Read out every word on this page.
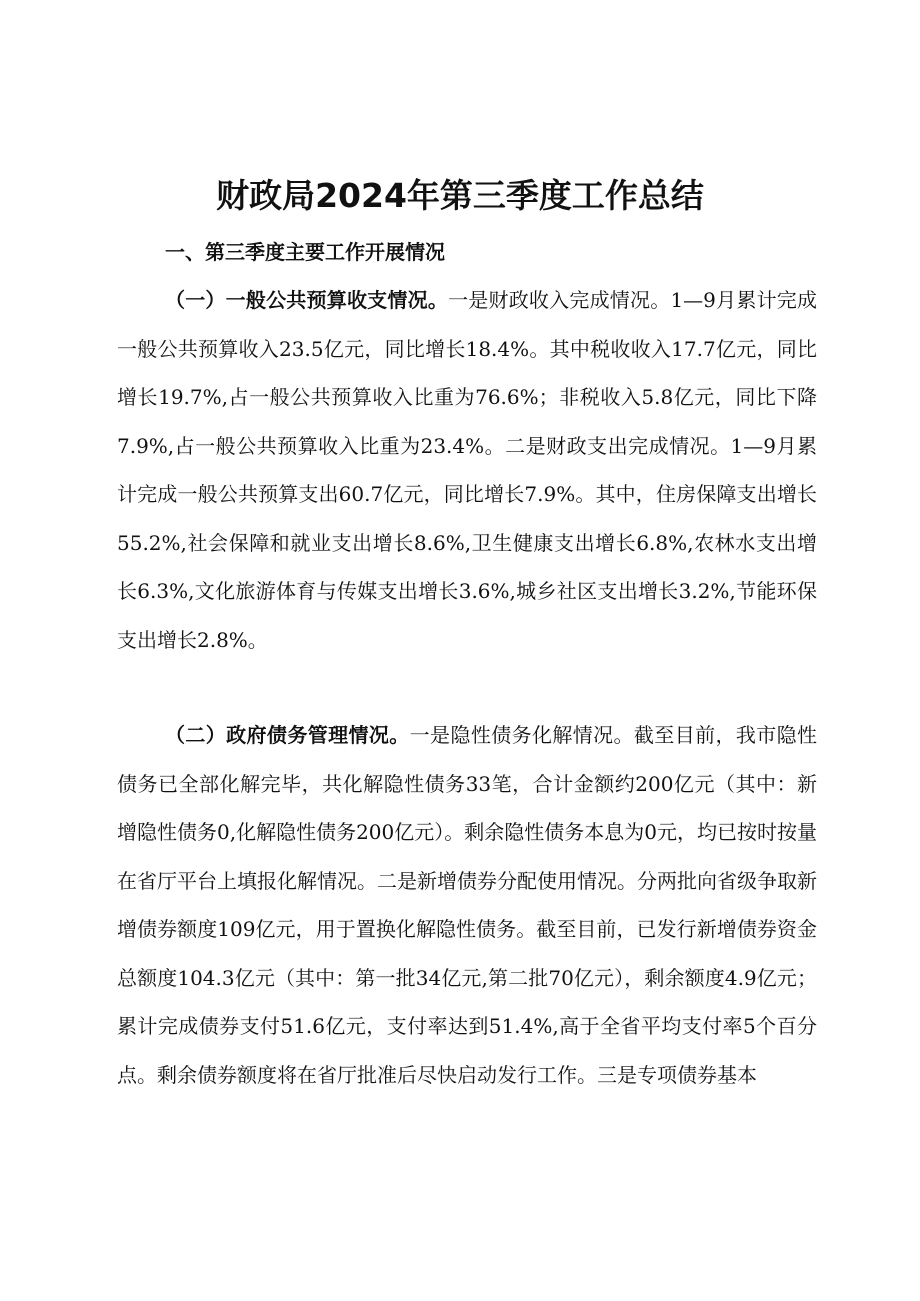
财政局2024年第三季度工作总结
一、第三季度主要工作开展情况
（一）一般公共预算收支情况。一是财政收入完成情况。1—9月累计完成一般公共预算收入23.5亿元，同比增长18.4%。其中税收收入17.7亿元，同比增长19.7%,占一般公共预算收入比重为76.6%；非税收入5.8亿元，同比下降7.9%,占一般公共预算收入比重为23.4%。二是财政支出完成情况。1—9月累计完成一般公共预算支出60.7亿元，同比增长7.9%。其中，住房保障支出增长55.2%,社会保障和就业支出增长8.6%,卫生健康支出增长6.8%,农林水支出增长6.3%,文化旅游体育与传媒支出增长3.6%,城乡社区支出增长3.2%,节能环保支出增长2.8%。
（二）政府债务管理情况。一是隐性债务化解情况。截至目前，我市隐性债务已全部化解完毕，共化解隐性债务33笔，合计金额约200亿元（其中：新增隐性债务0,化解隐性债务200亿元）。剩余隐性债务本息为0元，均已按时按量在省厅平台上填报化解情况。二是新增债券分配使用情况。分两批向省级争取新增债券额度109亿元，用于置换化解隐性债务。截至目前，已发行新增债券资金总额度104.3亿元（其中：第一批34亿元,第二批70亿元），剩余额度4.9亿元；累计完成债券支付51.6亿元，支付率达到51.4%,高于全省平均支付率5个百分点。剩余债券额度将在省厅批准后尽快启动发行工作。三是专项债券基本
